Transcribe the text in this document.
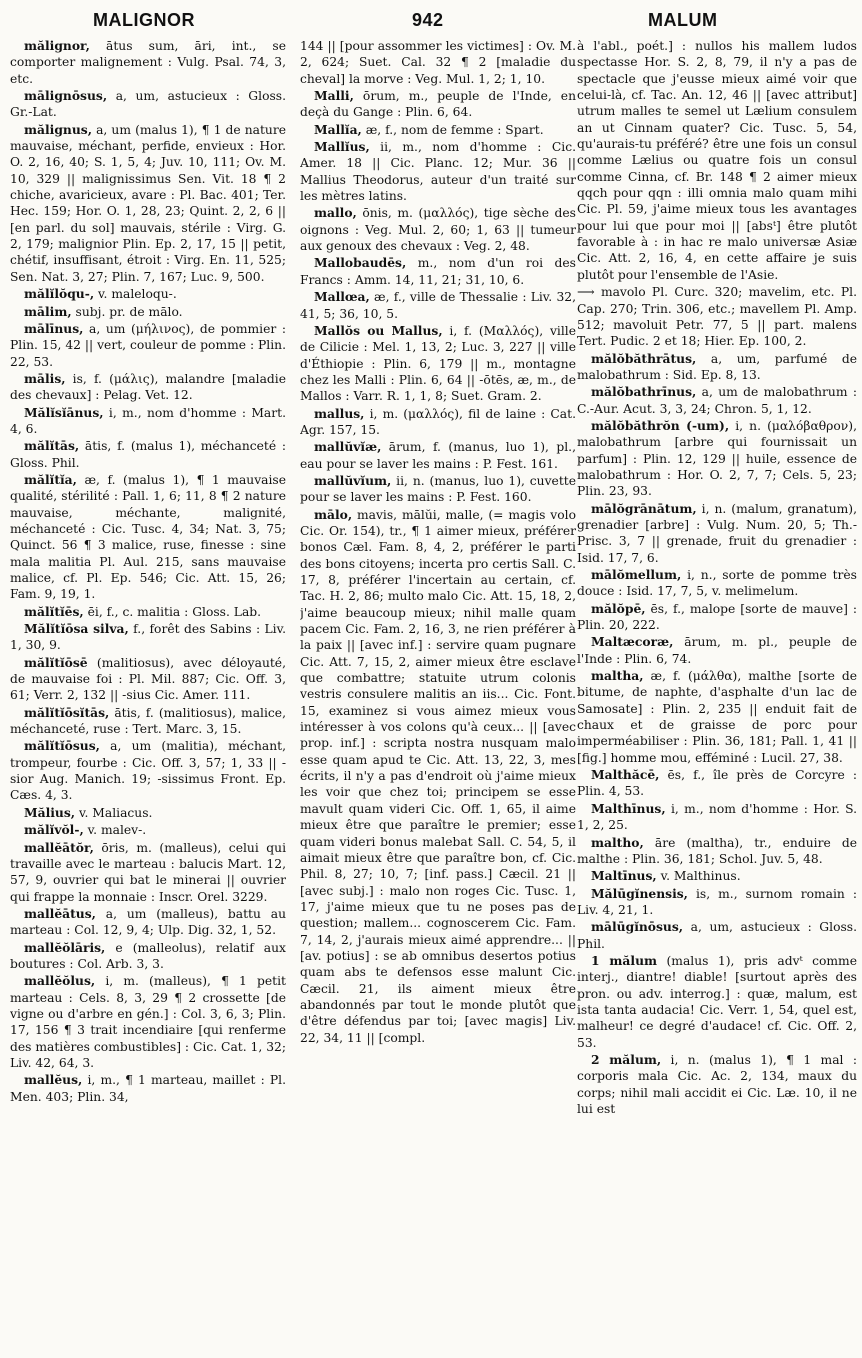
MALIGNOR	942	MALUM
mălignor, ātus sum, āri, int., se comporter malignement : Vulg. Psal. 74, 3, etc.
mālignōsus, a, um, astucieux : Gloss. Gr.-Lat.
mălignus, a, um (malus 1), ¶ 1 de nature mauvaise, méchant, perfide, envieux : Hor. O. 2, 16, 40; S. 1, 5, 4; Juv. 10, 111; Ov. M. 10, 329 || malignissimus Sen. Vit. 18 ¶ 2 chiche, avaricieux, avare : Pl. Bac. 401; Ter. Hec. 159; Hor. O. 1, 28, 23; Quint. 2, 2, 6 || [en parl. du sol] mauvais, stérile : Virg. G. 2, 179; malignior Plin. Ep. 2, 17, 15 || petit, chétif, insuffisant, étroit : Virg. En. 11, 525; Sen. Nat. 3, 27; Plin. 7, 167; Luc. 9, 500.
mălĭlŏqu-, v. maleloqu-.
mālim, subj. pr. de mālo.
mālīnus, a, um (μήλινος), de pommier : Plin. 15, 42 || vert, couleur de pomme : Plin. 22, 53.
mālis, is, f. (μάλις), malandre [maladie des chevaux] : Pelag. Vet. 12.
Mălĭsĭānus, i, m., nom d'homme : Mart. 4, 6.
mălĭtās, ātis, f. (malus 1), méchanceté : Gloss. Phil.
mălĭtĭa, æ, f. (malus 1), ¶ 1 mauvaise qualité, stérilité : Pall. 1, 6; 11, 8 ¶ 2 nature mauvaise, méchante, malignité, méchanceté : Cic. Tusc. 4, 34; Nat. 3, 75; Quinct. 56 ¶ 3 malice, ruse, finesse : sine mala malitia Pl. Aul. 215, sans mauvaise malice, cf. Pl. Ep. 546; Cic. Att. 15, 26; Fam. 9, 19, 1.
mălĭtĭēs, ēi, f., c. malitia : Gloss. Lab.
Mălĭtĭōsa silva, f., forêt des Sabins : Liv. 1, 30, 9.
mălĭtĭōsē (malitiosus), avec déloyauté, de mauvaise foi : Pl. Mil. 887; Cic. Off. 3, 61; Verr. 2, 132 || -sius Cic. Amer. 111.
mălĭtĭōsĭtās, ātis, f. (malitiosus), malice, méchanceté, ruse : Tert. Marc. 3, 15.
mălĭtĭōsus, a, um (malitia), méchant, trompeur, fourbe : Cic. Off. 3, 57; 1, 33 || -sior Aug. Manich. 19; -sissimus Front. Ep. Cæs. 4, 3.
Mălius, v. Maliacus.
mălĭvŏl-, v. malev-.
mallĕātŏr, ōris, m. (malleus), celui qui travaille avec le marteau : balucis Mart. 12, 57, 9, ouvrier qui bat le minerai || ouvrier qui frappe la monnaie : Inscr. Orel. 3229.
mallĕātus, a, um (malleus), battu au marteau : Col. 12, 9, 4; Ulp. Dig. 32, 1, 52.
mallĕŏlāris, e (malleolus), relatif aux boutures : Col. Arb. 3, 3.
mallĕŏlus, i, m. (malleus), ¶ 1 petit marteau : Cels. 8, 3, 29 ¶ 2 crossette [de vigne ou d'arbre en gén.] : Col. 3, 6, 3; Plin. 17, 156 ¶ 3 trait incendiaire [qui renferme des matières combustibles] : Cic. Cat. 1, 32; Liv. 42, 64, 3.
mallĕus, i, m., ¶ 1 marteau, maillet : Pl. Men. 403; Plin. 34,
144 || [pour assommer les victimes] : Ov. M. 2, 624; Suet. Cal. 32 ¶ 2 [maladie du cheval] la morve : Veg. Mul. 1, 2; 1, 10.
Malli, ōrum, m., peuple de l'Inde, en deçà du Gange : Plin. 6, 64.
Mallĭa, æ, f., nom de femme : Spart.
Mallĭus, ii, m., nom d'homme : Cic. Amer. 18 || Cic. Planc. 12; Mur. 36 || Mallius Theodorus, auteur d'un traité sur les mètres latins.
mallo, ōnis, m. (μαλλός), tige sèche des oignons : Veg. Mul. 2, 60; 1, 63 || tumeur aux genoux des chevaux : Veg. 2, 48.
Mallobaudēs, m., nom d'un roi des Francs : Amm. 14, 11, 21; 31, 10, 6.
Mallœa, æ, f., ville de Thessalie : Liv. 32, 41, 5; 36, 10, 5.
Mallŏs ou Mallus, i, f. (Μαλλός), ville de Cilicie : Mel. 1, 13, 2; Luc. 3, 227 || ville d'Éthiopie : Plin. 6, 179 || m., montagne chez les Malli : Plin. 6, 64 || -ōtēs, æ, m., de Mallos : Varr. R. 1, 1, 8; Suet. Gram. 2.
mallus, i, m. (μαλλός), fil de laine : Cat. Agr. 157, 15.
mallŭvĭæ, ārum, f. (manus, luo 1), pl., eau pour se laver les mains : P. Fest. 161.
mallŭvĭum, ii, n. (manus, luo 1), cuvette pour se laver les mains : P. Fest. 160.
mālo, mavis, mālŭi, malle, (= magis volo Cic. Or. 154), tr., ¶ 1 aimer mieux, préférer bonos Cæl. Fam. 8, 4, 2, préférer le parti des bons citoyens; incerta pro certis Sall. C. 17, 8, préférer l'incertain au certain, cf. Tac. H. 2, 86; multo malo Cic. Att. 15, 18, 2, j'aime beaucoup mieux; nihil malle quam pacem Cic. Fam. 2, 16, 3, ne rien préférer à la paix || [avec inf.] : servire quam pugnare Cic. Att. 7, 15, 2, aimer mieux être esclave que combattre; statuite utrum colonis vestris consulere malitis an iis... Cic. Font. 15, examinez si vous aimez mieux vous intéresser à vos colons qu'à ceux... || [avec prop. inf.] : scripta nostra nusquam malo esse quam apud te Cic. Att. 13, 22, 3, mes écrits, il n'y a pas d'endroit où j'aime mieux les voir que chez toi; principem se esse mavult quam videri Cic. Off. 1, 65, il aime mieux être que paraître le premier; esse quam videri bonus malebat Sall. C. 54, 5, il aimait mieux être que paraître bon, cf. Cic. Phil. 8, 27; 10, 7; [inf. pass.] Cæcil. 21 || [avec subj.] : malo non roges Cic. Tusc. 1, 17, j'aime mieux que tu ne poses pas de question; mallem... cognoscerem Cic. Fam. 7, 14, 2, j'aurais mieux aimé apprendre... || [av. potius] : se ab omnibus desertos potius quam abs te defensos esse malunt Cic. Cæcil. 21, ils aiment mieux être abandonnés par tout le monde plutôt que d'être défendus par toi; [avec magis] Liv. 22, 34, 11 || [compl.
à l'abl., poét.] : nullos his mallem ludos spectasse Hor. S. 2, 8, 79, il n'y a pas de spectacle que j'eusse mieux aimé voir que celui-là, cf. Tac. An. 12, 46 || [avec attribut] utrum malles te semel ut Lælium consulem an ut Cinnam quater? Cic. Tusc. 5, 54, qu'aurais-tu préféré? être une fois un consul comme Lælius ou quatre fois un consul comme Cinna, cf. Br. 148 ¶ 2 aimer mieux qqch pour qqn : illi omnia malo quam mihi Cic. Pl. 59, j'aime mieux tous les avantages pour lui que pour moi || [absᵗ] être plutôt favorable à : in hac re malo universæ Asiæ Cic. Att. 2, 16, 4, en cette affaire je suis plutôt pour l'ensemble de l'Asie.
⟶ mavolo Pl. Curc. 320; mavelim, etc. Pl. Cap. 270; Trin. 306, etc.; mavellem Pl. Amp. 512; mavoluit Petr. 77, 5 || part. malens Tert. Pudic. 2 et 18; Hier. Ep. 100, 2.
mălŏbăthrātus, a, um, parfumé de malobathrum : Sid. Ep. 8, 13.
mălŏbathrīnus, a, um de malobathrum : C.-Aur. Acut. 3, 3, 24; Chron. 5, 1, 12.
mălŏbăthrŏn (-um), i, n. (μαλόβαθρον), malobathrum [arbre qui fournissait un parfum] : Plin. 12, 129 || huile, essence de malobathrum : Hor. O. 2, 7, 7; Cels. 5, 23; Plin. 23, 93.
mālŏgrānātum, i, n. (malum, granatum), grenadier [arbre] : Vulg. Num. 20, 5; Th.-Prisc. 3, 7 || grenade, fruit du grenadier : Isid. 17, 7, 6.
mālŏmellum, i, n., sorte de pomme très douce : Isid. 17, 7, 5, v. melimelum.
mălŏpē, ēs, f., malope [sorte de mauve] : Plin. 20, 222.
Maltæcoræ, ārum, m. pl., peuple de l'Inde : Plin. 6, 74.
maltha, æ, f. (μάλθα), malthe [sorte de bitume, de naphte, d'asphalte d'un lac de Samosate] : Plin. 2, 235 || enduit fait de chaux et de graisse de porc pour imperméabiliser : Plin. 36, 181; Pall. 1, 41 || [fig.] homme mou, efféminé : Lucil. 27, 38.
Malthăcē, ēs, f., île près de Corcyre : Plin. 4, 53.
Malthīnus, i, m., nom d'homme : Hor. S. 1, 2, 25.
maltho, āre (maltha), tr., enduire de malthe : Plin. 36, 181; Schol. Juv. 5, 48.
Maltīnus, v. Malthinus.
Mălūgĭnensis, is, m., surnom romain : Liv. 4, 21, 1.
mālūgĭnōsus, a, um, astucieux : Gloss. Phil.
1 mălum (malus 1), pris advᵗ comme interj., diantre! diable! [surtout après des pron. ou adv. interrog.] : quæ, malum, est ista tanta audacia! Cic. Verr. 1, 54, quel est, malheur! ce degré d'audace! cf. Cic. Off. 2, 53.
2 mălum, i, n. (malus 1), ¶ 1 mal : corporis mala Cic. Ac. 2, 134, maux du corps; nihil mali accidit ei Cic. Læ. 10, il ne lui est
